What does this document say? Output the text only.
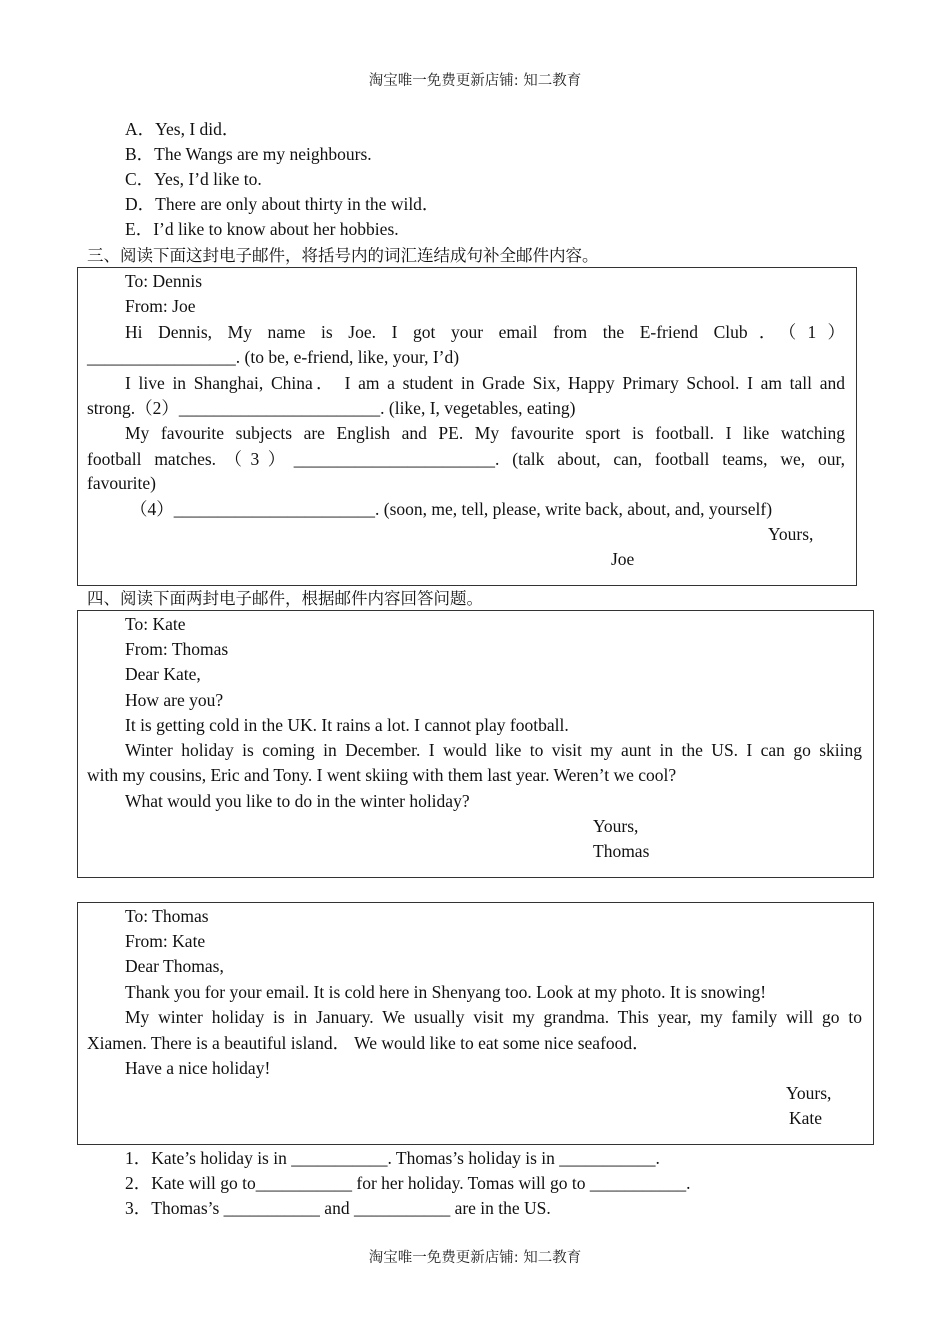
淘宝唯一免费更新店铺: 知二教育
A．Yes, I did．
B．The Wangs are my neighbours.
C．Yes, I’d like to.
D．There are only about thirty in the wild．
E．I’d like to know about her hobbies.
三、阅读下面这封电子邮件，将括号内的词汇连结成句补全邮件内容。
To: Dennis
From: Joe
Hi Dennis, My name is Joe. I got your email from the E-friend Club．（1）
_________________. (to be, e-friend, like, your, I’d)
I live in Shanghai, China． I am a student in Grade Six, Happy Primary School. I am tall and
strong.（2）_______________________. (like, I, vegetables, eating)
My favourite subjects are English and PE. My favourite sport is football. I like watching
football matches.（3）_______________________. (talk about, can, football teams, we, our,
favourite)
（4）_______________________. (soon, me, tell, please, write back, about, and, yourself)
Yours,
Joe
四、阅读下面两封电子邮件，根据邮件内容回答问题。
To: Kate
From: Thomas
Dear Kate,
How are you?
It is getting cold in the UK. It rains a lot. I cannot play football.
Winter holiday is coming in December. I would like to visit my aunt in the US. I can go skiing
with my cousins, Eric and Tony. I went skiing with them last year. Weren’t we cool?
What would you like to do in the winter holiday?
Yours,
Thomas
To: Thomas
From: Kate
Dear Thomas,
Thank you for your email. It is cold here in Shenyang too. Look at my photo. It is snowing!
My winter holiday is in January. We usually visit my grandma. This year, my family will go to
Xiamen. There is a beautiful island． We would like to eat some nice seafood．
Have a nice holiday!
Yours,
Kate
1．Kate’s holiday is in ___________. Thomas’s holiday is in ___________.
2．Kate will go to___________ for her holiday. Tomas will go to ___________.
3．Thomas’s ___________ and ___________ are in the US.
淘宝唯一免费更新店铺: 知二教育
